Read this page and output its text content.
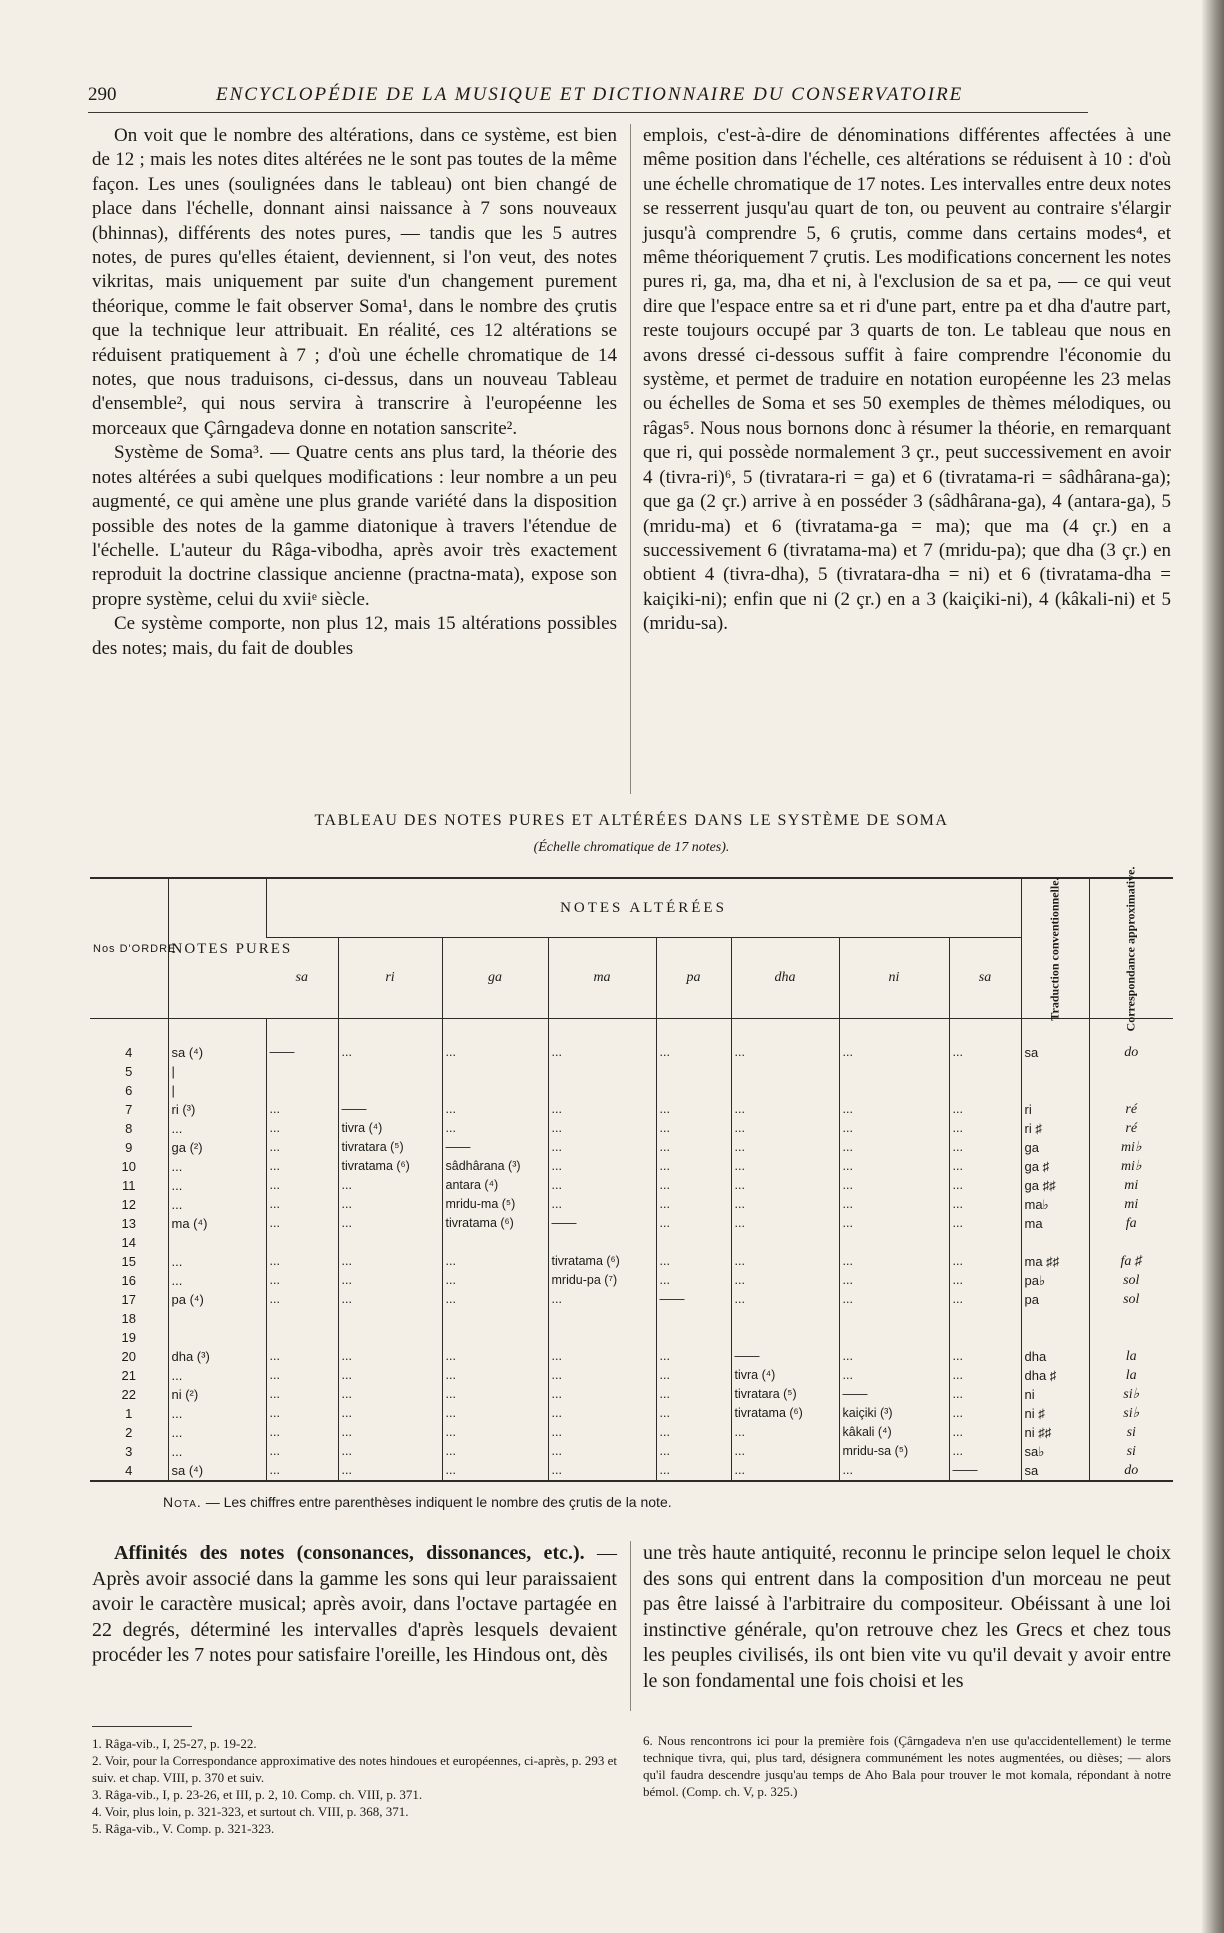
290	ENCYCLOPÉDIE DE LA MUSIQUE ET DICTIONNAIRE DU CONSERVATOIRE

On voit que le nombre des altérations, dans ce système, est bien de 12 ; mais les notes dites altérées ne le sont pas toutes de la même façon. Les unes (soulignées dans le tableau) ont bien changé de place dans l'échelle, donnant ainsi naissance à 7 sons nouveaux (bhinnas), différents des notes pures, — tandis que les 5 autres notes, de pures qu'elles étaient, deviennent, si l'on veut, des notes vikritas, mais uniquement par suite d'un changement purement théorique, comme le fait observer Soma¹, dans le nombre des çrutis que la technique leur attribuait. En réalité, ces 12 altérations se réduisent pratiquement à 7 ; d'où une échelle chromatique de 14 notes, que nous traduisons, ci-dessus, dans un nouveau Tableau d'ensemble², qui nous servira à transcrire à l'européenne les morceaux que Çârngadeva donne en notation sanscrite².

Système de Soma³. — Quatre cents ans plus tard, la théorie des notes altérées a subi quelques modifications : leur nombre a un peu augmenté, ce qui amène une plus grande variété dans la disposition possible des notes de la gamme diatonique à travers l'étendue de l'échelle. L'auteur du Râga-vibodha, après avoir très exactement reproduit la doctrine classique ancienne (practna-mata), expose son propre système, celui du xviiᵉ siècle.

Ce système comporte, non plus 12, mais 15 altérations possibles des notes; mais, du fait de doubles

emplois, c'est-à-dire de dénominations différentes affectées à une même position dans l'échelle, ces altérations se réduisent à 10 : d'où une échelle chromatique de 17 notes. Les intervalles entre deux notes se resserrent jusqu'au quart de ton, ou peuvent au contraire s'élargir jusqu'à comprendre 5, 6 çrutis, comme dans certains modes⁴, et même théoriquement 7 çrutis. Les modifications concernent les notes pures ri, ga, ma, dha et ni, à l'exclusion de sa et pa, — ce qui veut dire que l'espace entre sa et ri d'une part, entre pa et dha d'autre part, reste toujours occupé par 3 quarts de ton. Le tableau que nous en avons dressé ci-dessous suffit à faire comprendre l'économie du système, et permet de traduire en notation européenne les 23 melas ou échelles de Soma et ses 50 exemples de thèmes mélodiques, ou râgas⁵. Nous nous bornons donc à résumer la théorie, en remarquant que ri, qui possède normalement 3 çr., peut successivement en avoir 4 (tivra-ri)⁶, 5 (tivratara-ri = ga) et 6 (tivratama-ri = sâdhârana-ga); que ga (2 çr.) arrive à en posséder 3 (sâdhârana-ga), 4 (antara-ga), 5 (mridu-ma) et 6 (tivratama-ga = ma); que ma (4 çr.) en a successivement 6 (tivratama-ma) et 7 (mridu-pa); que dha (3 çr.) en obtient 4 (tivra-dha), 5 (tivratara-dha = ni) et 6 (tivratama-dha = kaiçiki-ni); enfin que ni (2 çr.) en a 3 (kaiçiki-ni), 4 (kâkali-ni) et 5 (mridu-sa).

TABLEAU DES NOTES PURES ET ALTÉRÉES DANS LE SYSTÈME DE SOMA
(Échelle chromatique de 17 notes).
Nos D'ORDRE	NOTES PURES	NOTES ALTÉRÉES								Traduction conventionnelle.	Correspondance approximative.

		sa	ri	ga	ma	pa	dha	ni	sa		

4	sa (⁴)	——	...	...	...	...	...	...	...	sa	do
5	|										
6	|										
7	ri (³)	...	——	...	...	...	...	...	...	ri	ré
8	...	...	tivra (⁴)	...	...	...	...	...	...	ri ♯	ré
9	ga (²)	...	tivratara (⁵)	——	...	...	...	...	...	ga	mi♭
10	...	...	tivratama (⁶)	sâdhârana (³)	...	...	...	...	...	ga ♯	mi♭
11	...	...	...	antara (⁴)	...	...	...	...	...	ga ♯♯	mi
12	...	...	...	mridu-ma (⁵)	...	...	...	...	...	ma♭	mi
13	ma (⁴)	...	...	tivratama (⁶)	——	...	...	...	...	ma	fa
14											
15	...	...	...	...	tivratama (⁶)	...	...	...	...	ma ♯♯	fa ♯
16	...	...	...	...	mridu-pa (⁷)	...	...	...	...	pa♭	sol
17	pa (⁴)	...	...	...	...	——	...	...	...	pa	sol
18											
19											
20	dha (³)	...	...	...	...	...	——	...	...	dha	la
21	...	...	...	...	...	...	tivra (⁴)	...	...	dha ♯	la
22	ni (²)	...	...	...	...	...	tivratara (⁵)	——	...	ni	si♭
1	...	...	...	...	...	...	tivratama (⁶)	kaiçiki (³)	...	ni ♯	si♭
2	...	...	...	...	...	...	...	kâkali (⁴)	...	ni ♯♯	si
3	...	...	...	...	...	...	...	mridu-sa (⁵)	...	sa♭	si
4	sa (⁴)	...	...	...	...	...	...	...	——	sa	do
Nota. — Les chiffres entre parenthèses indiquent le nombre des çrutis de la note.

Affinités des notes (consonances, dissonances, etc.). — Après avoir associé dans la gamme les sons qui leur paraissaient avoir le caractère musical; après avoir, dans l'octave partagée en 22 degrés, déterminé les intervalles d'après lesquels devaient procéder les 7 notes pour satisfaire l'oreille, les Hindous ont, dès

une très haute antiquité, reconnu le principe selon lequel le choix des sons qui entrent dans la composition d'un morceau ne peut pas être laissé à l'arbitraire du compositeur. Obéissant à une loi instinctive générale, qu'on retrouve chez les Grecs et chez tous les peuples civilisés, ils ont bien vite vu qu'il devait y avoir entre le son fondamental une fois choisi et les

1. Râga-vib., I, 25-27, p. 19-22.

2. Voir, pour la Correspondance approximative des notes hindoues et européennes, ci-après, p. 293 et suiv. et chap. VIII, p. 370 et suiv.

3. Râga-vib., I, p. 23-26, et III, p. 2, 10. Comp. ch. VIII, p. 371.

4. Voir, plus loin, p. 321-323, et surtout ch. VIII, p. 368, 371.

5. Râga-vib., V. Comp. p. 321-323.

6. Nous rencontrons ici pour la première fois (Çârngadeva n'en use qu'accidentellement) le terme technique tivra, qui, plus tard, désignera communément les notes augmentées, ou dièses; — alors qu'il faudra descendre jusqu'au temps de Aho Bala pour trouver le mot komala, répondant à notre bémol. (Comp. ch. V, p. 325.)
